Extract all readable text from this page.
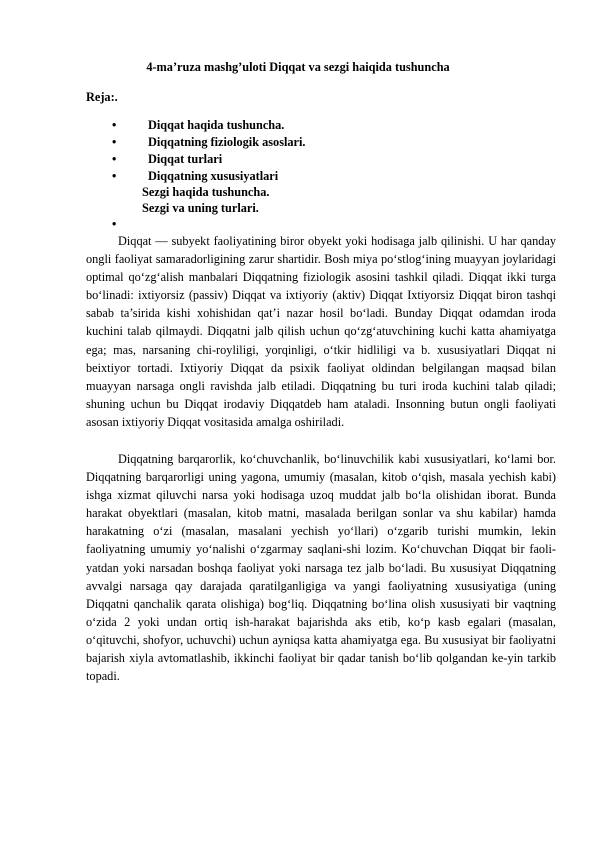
4-ma’ruza mashg’uloti Diqqat va sezgi haiqida tushuncha
Reja:.
•	Diqqat haqida tushuncha.
•	Diqqatning fiziologik asoslari.
•	Diqqat turlari
•	Diqqatning xususiyatlari
Sezgi haqida tushuncha.
Sezgi va uning turlari.
•

Diqqat — subyekt faoliyatining biror obyekt yoki hodisaga jalb qilinishi. U har qanday ongli faoliyat samaradorligining zarur shartidir. Bosh miya po‘stlog‘ining muayyan joylaridagi optimal qo‘zg‘alish manbalari Diqqatning fiziologik asosini tashkil qiladi. Diqqat ikki turga bo‘linadi: ixtiyorsiz (passiv) Diqqat va ixtiyoriy (aktiv) Diqqat Ixtiyorsiz Diqqat biron tashqi sabab ta’sirida kishi xohishidan qat’i nazar hosil bo‘ladi. Bunday Diqqat odamdan iroda kuchini talab qilmaydi. Diqqatni jalb qilish uchun qo‘zg‘atuvchining kuchi katta ahamiyatga ega; mas, narsaning chi-royliligi, yorqinligi, o‘tkir hidliligi va b. xususiyatlari Diqqat ni beixtiyor tortadi. Ixtiyoriy Diqqat da psixik faoliyat oldindan belgilangan maqsad bilan muayyan narsaga ongli ravishda jalb etiladi. Diqqatning bu turi iroda kuchini talab qiladi; shuning uchun bu Diqqat irodaviy Diqqatdeb ham ataladi. Insonning butun ongli faoliyati asosan ixtiyoriy Diqqat vositasida amalga oshiriladi.

Diqqatning barqarorlik, ko‘chuvchanlik, bo‘linuvchilik kabi xususiyatlari, ko‘lami bor. Diqqatning barqarorligi uning yagona, umumiy (masalan, kitob o‘qish, masala yechish kabi) ishga xizmat qiluvchi narsa yoki hodisaga uzoq muddat jalb bo‘la olishidan iborat. Bunda harakat obyektlari (masalan, kitob matni, masalada berilgan sonlar va shu kabilar) hamda harakatning o‘zi (masalan, masalani yechish yo‘llari) o‘zgarib turishi mumkin, lekin faoliyatning umumiy yo‘nalishi o‘zgarmay saqlani-shi lozim. Ko‘chuvchan Diqqat bir faoli-yatdan yoki narsadan boshqa faoliyat yoki narsaga tez jalb bo‘ladi. Bu xususiyat Diqqatning avvalgi narsaga qay darajada qaratilganligiga va yangi faoliyatning xususiyatiga (uning Diqqatni qanchalik qarata olishiga) bog‘liq. Diqqatning bo‘lina olish xususiyati bir vaqtning o‘zida 2 yoki undan ortiq ish-harakat bajarishda aks etib, ko‘p kasb egalari (masalan, o‘qituvchi, shofyor, uchuvchi) uchun ayniqsa katta ahamiyatga ega. Bu xususiyat bir faoliyatni bajarish xiyla avtomatlashib, ikkinchi faoliyat bir qadar tanish bo‘lib qolgandan ke-yin tarkib topadi.
